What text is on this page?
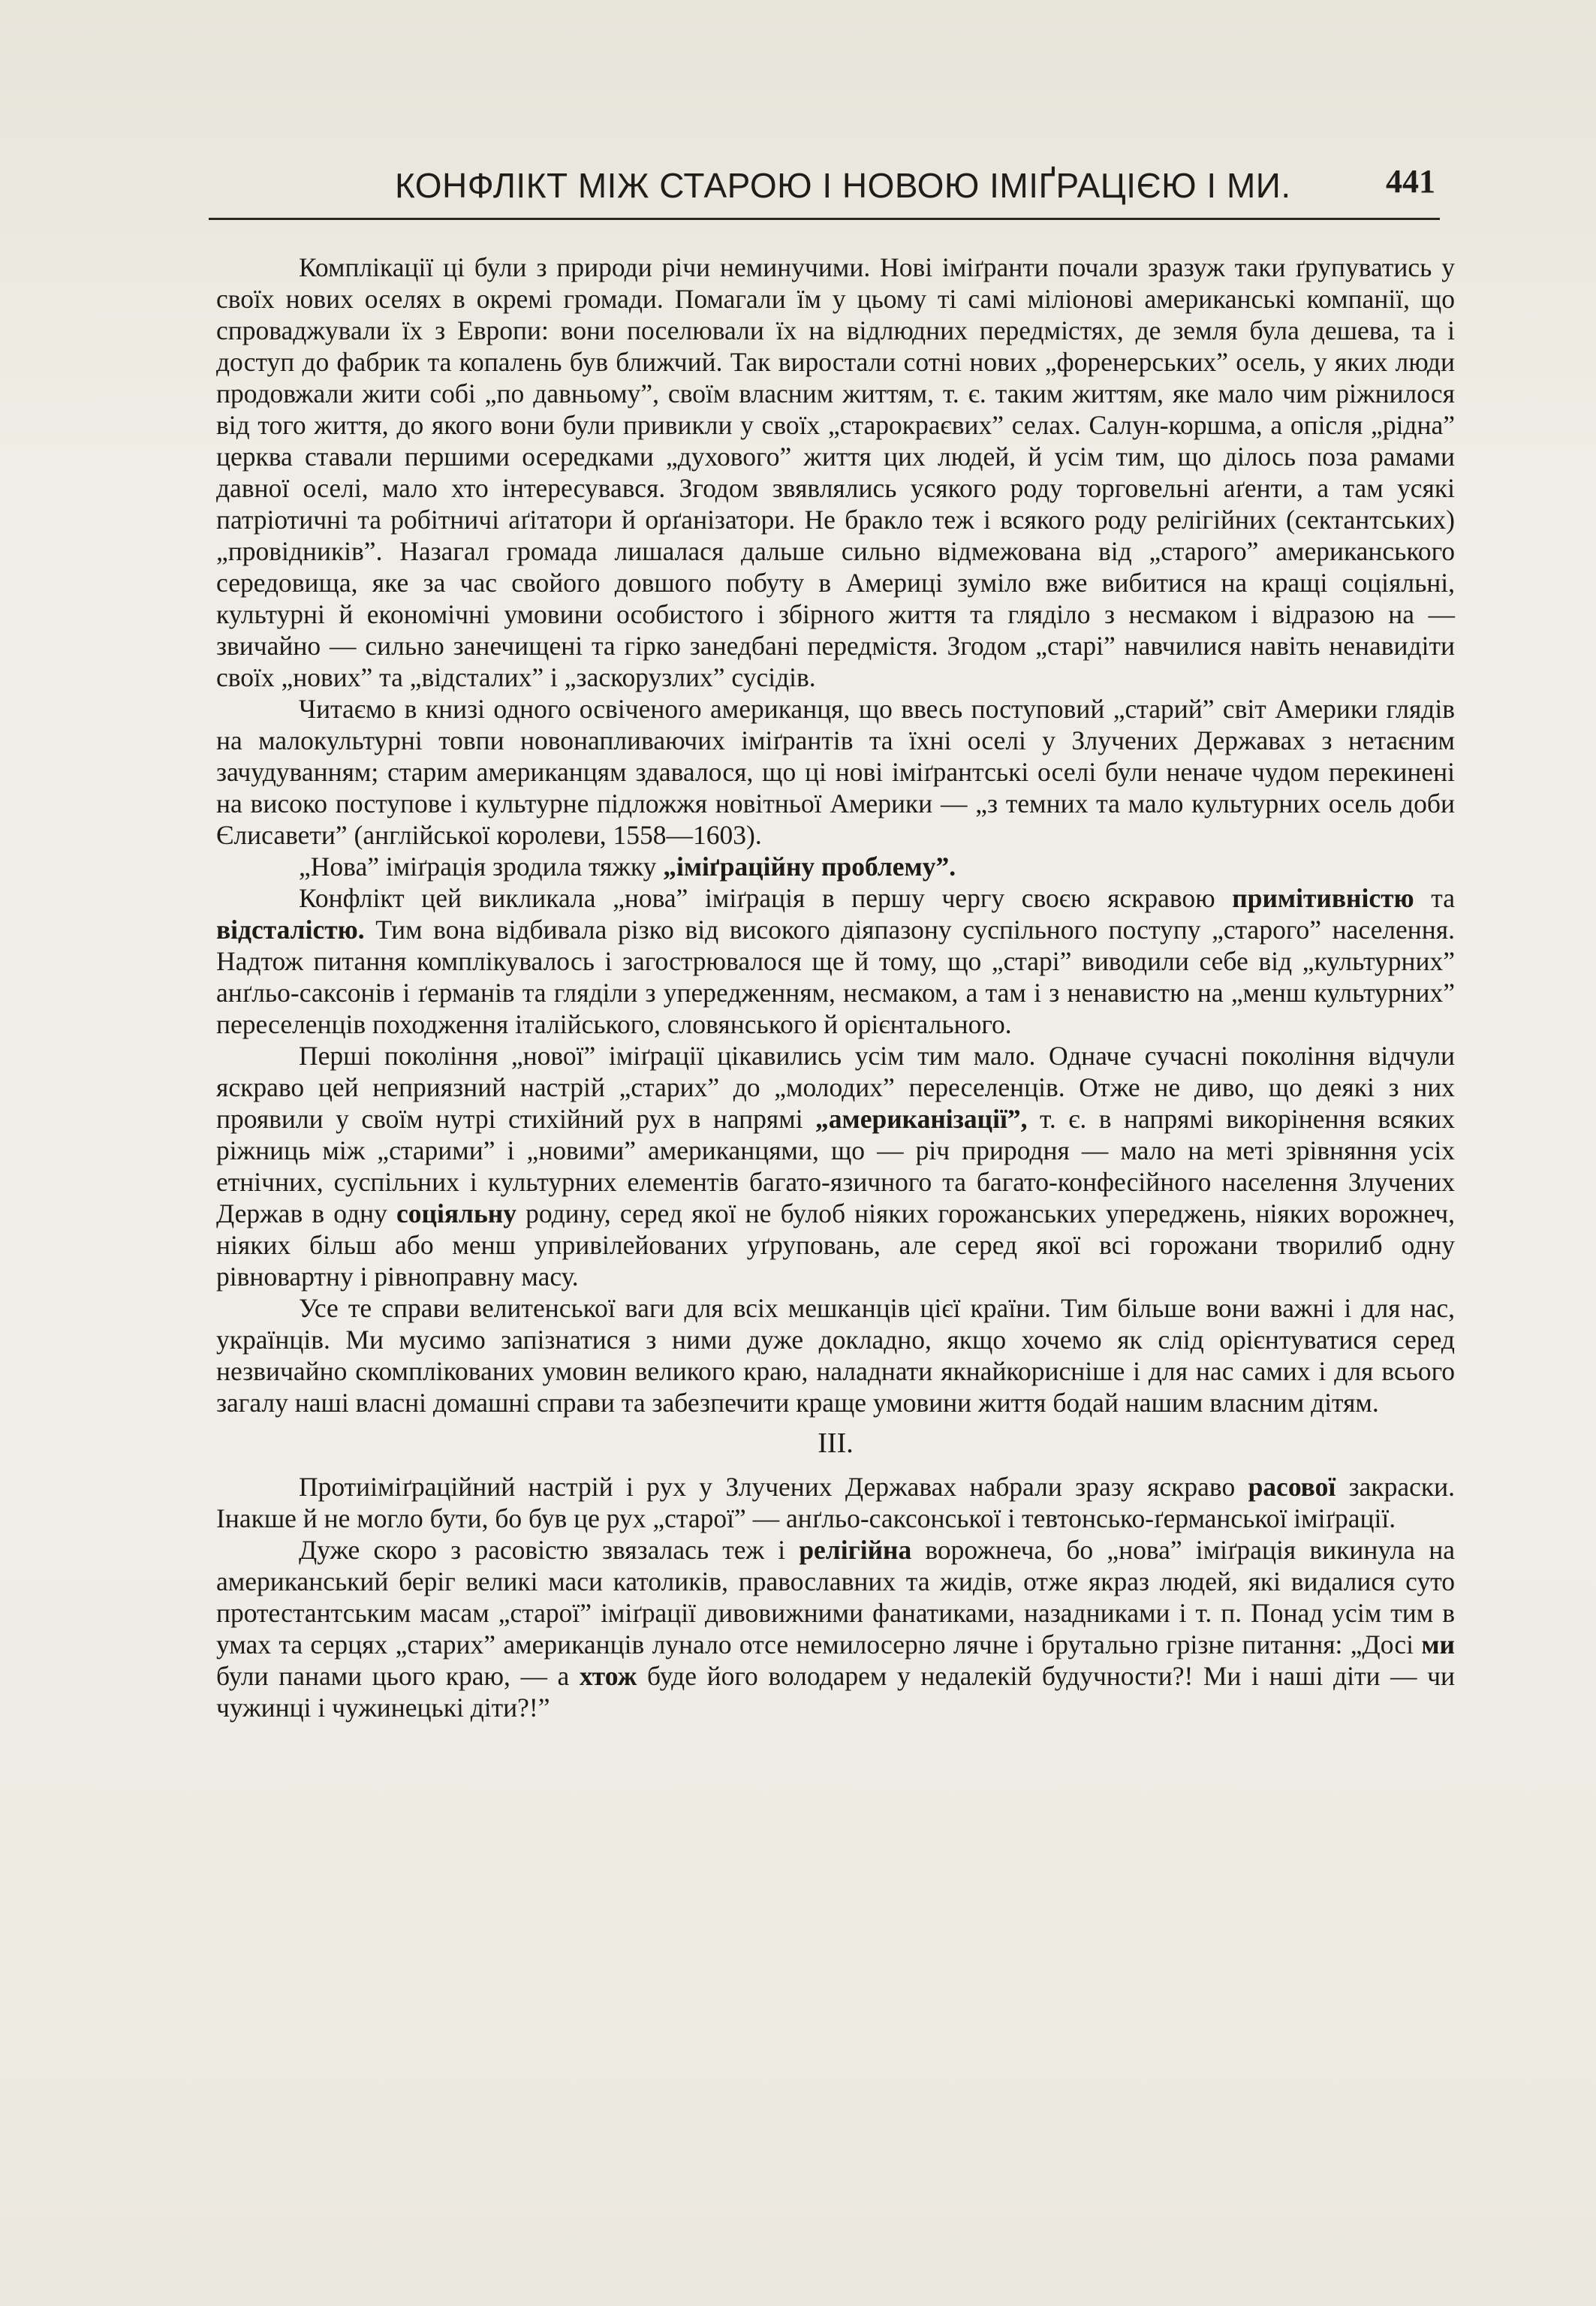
КОНФЛІКТ МІЖ СТАРОЮ І НОВОЮ ІМІҐРАЦІЄЮ І МИ.	441

Комплікації ці були з природи річи неминучими. Нові іміґранти почали зразуж таки ґрупуватись у своїх нових оселях в окремі громади. Помагали їм у цьому ті самі міліонові американські компанії, що спроваджували їх з Европи: вони поселювали їх на відлюдних передмістях, де земля була дешева, та і доступ до фабрик та копалень був ближчий. Так виростали сотні нових „форенерських” осель, у яких люди продовжали жити собі „по давньому”, своїм власним життям, т. є. таким життям, яке мало чим ріжнилося від того життя, до якого вони були привикли у своїх „старокраєвих” селах. Салун-коршма, а опісля „рідна” церква ставали першими осередками „духового” життя цих людей, й усім тим, що ділось поза рамами давної оселі, мало хто інтересувався. Згодом звявлялись усякого роду торговельні аґенти, а там усякі патріотичні та робітничі аґітатори й орґанізатори. Не бракло теж і всякого роду релігійних (сектантських) „провідників”. Назагал громада лишалася дальше сильно відмежована від „старого” американського середовища, яке за час свойого довшого побуту в Америці зуміло вже вибитися на кращі соціяльні, культурні й економічні умовини особистого і збірного життя та гляділо з несмаком і відразою на — звичайно — сильно занечищені та гірко занедбані передмістя. Згодом „старі” навчилися навіть ненавидіти своїх „нових” та „відсталих” і „заскорузлих” сусідів.

Читаємо в книзі одного освіченого американця, що ввесь поступовий „старий” світ Америки глядів на малокультурні товпи новонапливаючих іміґрантів та їхні оселі у Злучених Державах з нетаєним зачудуванням; старим американцям здавалося, що ці нові іміґрантські оселі були неначе чудом перекинені на високо поступове і культурне підложжя новітньої Америки — „з темних та мало культурних осель доби Єлисавети” (англійської королеви, 1558—1603).

„Нова” іміґрація зродила тяжку „іміґраційну проблему”.

Конфлікт цей викликала „нова” іміґрація в першу чергу своєю яскравою примітивністю та відсталістю. Тим вона відбивала різко від високого діяпазону суспільного поступу „старого” населення. Надтож питання комплікувалось і загострювалося ще й тому, що „старі” виводили себе від „культурних” анґльо-саксонів і ґерманів та гляділи з упередженням, несмаком, а там і з ненавистю на „менш культурних” переселенців походження італійського, словянського й орієнтального.

Перші покоління „нової” іміґрації цікавились усім тим мало. Одначе сучасні покоління відчули яскраво цей неприязний настрій „старих” до „молодих” переселенців. Отже не диво, що деякі з них проявили у своїм нутрі стихійний рух в напрямі „американізації”, т. є. в напрямі викорінення всяких ріжниць між „старими” і „новими” американцями, що — річ природня — мало на меті зрівняння усіх етнічних, суспільних і культурних елементів багато-язичного та багато-конфесійного населення Злучених Держав в одну соціяльну родину, серед якої не булоб ніяких горожанських упереджень, ніяких ворожнеч, ніяких більш або менш упривілейованих уґруповань, але серед якої всі горожани творилиб одну рівновартну і рівноправну масу.

Усе те справи велитенської ваги для всіх мешканців цієї країни. Тим більше вони важні і для нас, українців. Ми мусимо запізнатися з ними дуже докладно, якщо хочемо як слід орієнтуватися серед незвичайно скомплікованих умовин великого краю, наладнати якнайкорисніше і для нас самих і для всього загалу наші власні домашні справи та забезпечити краще умовини життя бодай нашим власним дітям.

III.

Протиіміґраційний настрій і рух у Злучених Державах набрали зразу яскраво расової закраски. Інакше й не могло бути, бо був це рух „старої” — анґльо-саксонської і тевтонсько-ґерманської іміґрації.

Дуже скоро з расовістю звязалась теж і релігійна ворожнеча, бо „нова” іміґрація викинула на американський беріг великі маси католиків, православних та жидів, отже якраз людей, які видалися суто протестантським масам „старої” іміґрації дивовижними фанатиками, назадниками і т. п. Понад усім тим в умах та серцях „старих” американців лунало отсе немилосерно лячне і брутально грізне питання: „Досі ми були панами цього краю, — а хтож буде його володарем у недалекій будучности?! Ми і наші діти — чи чужинці і чужинецькі діти?!”
